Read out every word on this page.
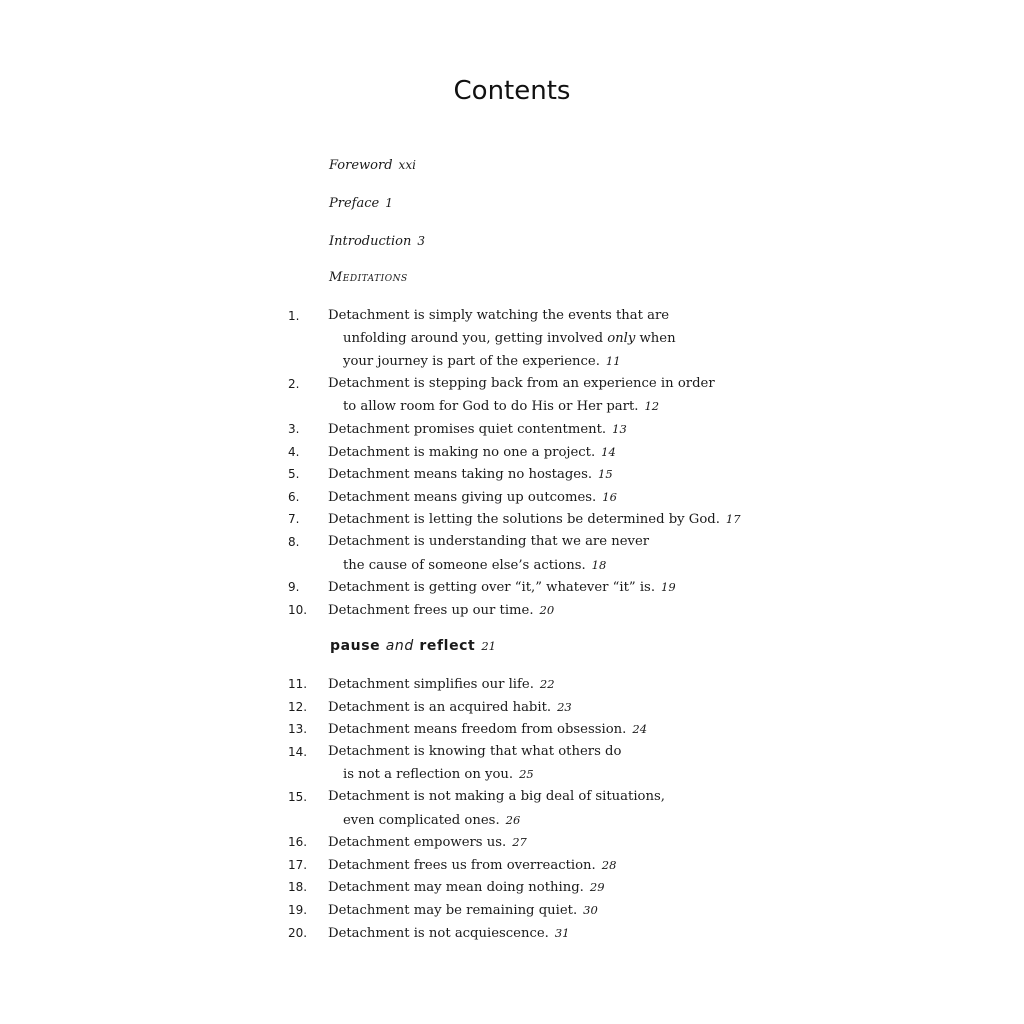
Contents
Foreword xxi
Preface 1
Introduction 3
Meditations
1. Detachment is simply watching the events that are
unfolding around you, getting involved only when
your journey is part of the experience. 11
2. Detachment is stepping back from an experience in order
to allow room for God to do His or Her part. 12
3. Detachment promises quiet contentment. 13
4. Detachment is making no one a project. 14
5. Detachment means taking no hostages. 15
6. Detachment means giving up outcomes. 16
7. Detachment is letting the solutions be determined by God. 17
8. Detachment is understanding that we are never
the cause of someone else’s actions. 18
9. Detachment is getting over “it,” whatever “it” is. 19
10. Detachment frees up our time. 20
pause and reflect 21
11. Detachment simplifies our life. 22
12. Detachment is an acquired habit. 23
13. Detachment means freedom from obsession. 24
14. Detachment is knowing that what others do
is not a reflection on you. 25
15. Detachment is not making a big deal of situations,
even complicated ones. 26
16. Detachment empowers us. 27
17. Detachment frees us from overreaction. 28
18. Detachment may mean doing nothing. 29
19. Detachment may be remaining quiet. 30
20. Detachment is not acquiescence. 31
